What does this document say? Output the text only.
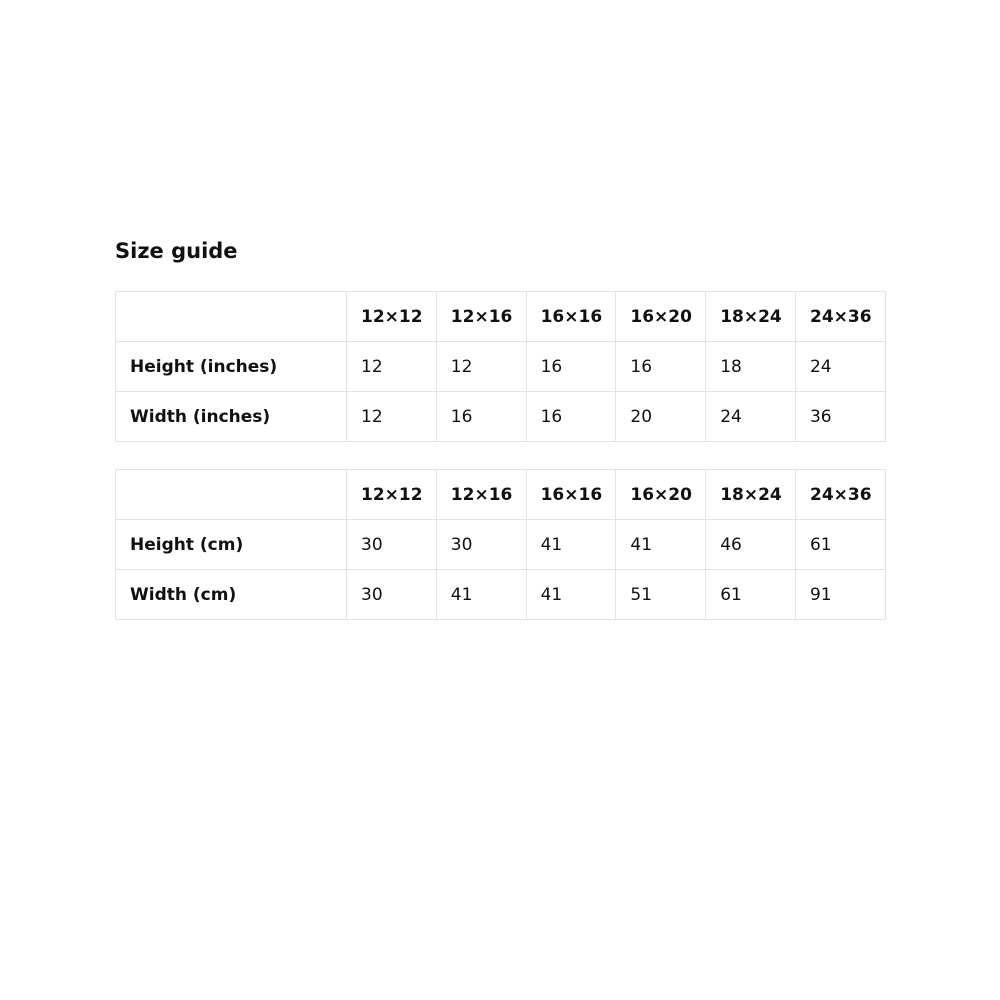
Size guide
	12×12	12×16	16×16	16×20	18×24	24×36
Height (inches)	12	12	16	16	18	24
Width (inches)	12	16	16	20	24	36
	12×12	12×16	16×16	16×20	18×24	24×36
Height (cm)	30	30	41	41	46	61
Width (cm)	30	41	41	51	61	91
